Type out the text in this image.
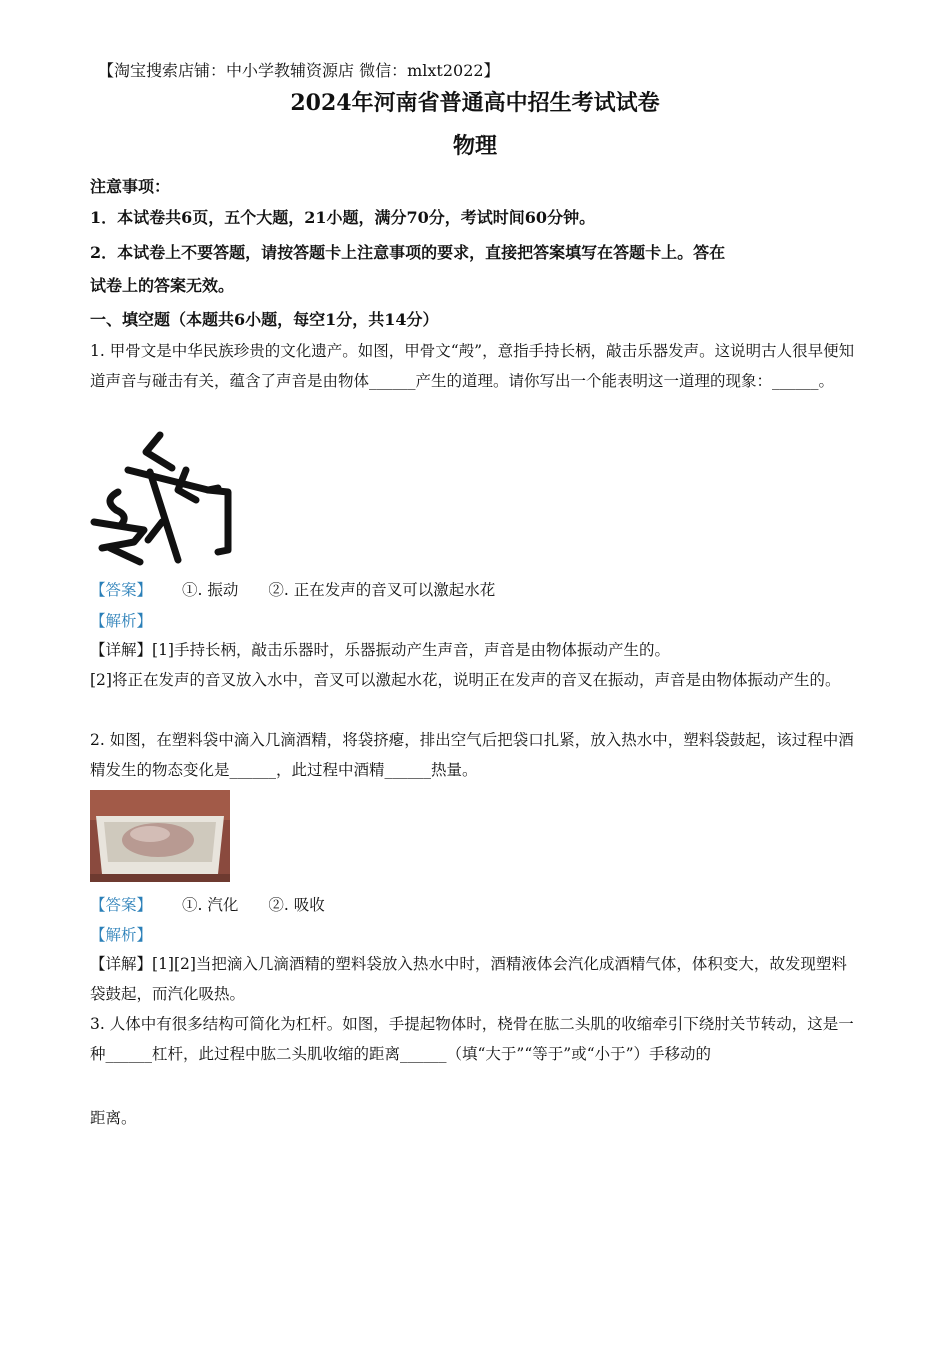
【淘宝搜索店铺：中小学教辅资源店 微信：mlxt2022】
2024年河南省普通高中招生考试试卷
物理
注意事项：
1．本试卷共6页，五个大题，21小题，满分70分，考试时间60分钟。
2．本试卷上不要答题，请按答题卡上注意事项的要求，直接把答案填写在答题卡上。答在
试卷上的答案无效。
一、填空题（本题共6小题，每空1分，共14分）
1. 甲骨文是中华民族珍贵的文化遗产。如图，甲骨文“殸”，意指手持长柄，敲击乐器发声。这说明古人很早便知道声音与碰击有关，蕴含了声音是由物体______产生的道理。请你写出一个能表明这一道理的现象：______。
【答案】 ①. 振动 ②. 正在发声的音叉可以激起水花
【解析】
【详解】[1]手持长柄，敲击乐器时，乐器振动产生声音，声音是由物体振动产生的。
[2]将正在发声的音叉放入水中，音叉可以激起水花，说明正在发声的音叉在振动，声音是由物体振动产生的。
2. 如图，在塑料袋中滴入几滴酒精，将袋挤瘪，排出空气后把袋口扎紧，放入热水中，塑料袋鼓起，该过程中酒精发生的物态变化是______，此过程中酒精______热量。
【答案】 ①. 汽化 ②. 吸收
【解析】
【详解】[1][2]当把滴入几滴酒精的塑料袋放入热水中时，酒精液体会汽化成酒精气体，体积变大，故发现塑料袋鼓起，而汽化吸热。
3. 人体中有很多结构可简化为杠杆。如图，手提起物体时，桡骨在肱二头肌的收缩牵引下绕肘关节转动，这是一种______杠杆，此过程中肱二头肌收缩的距离______（填“大于”“等于”或“小于”）手移动的
距离。
